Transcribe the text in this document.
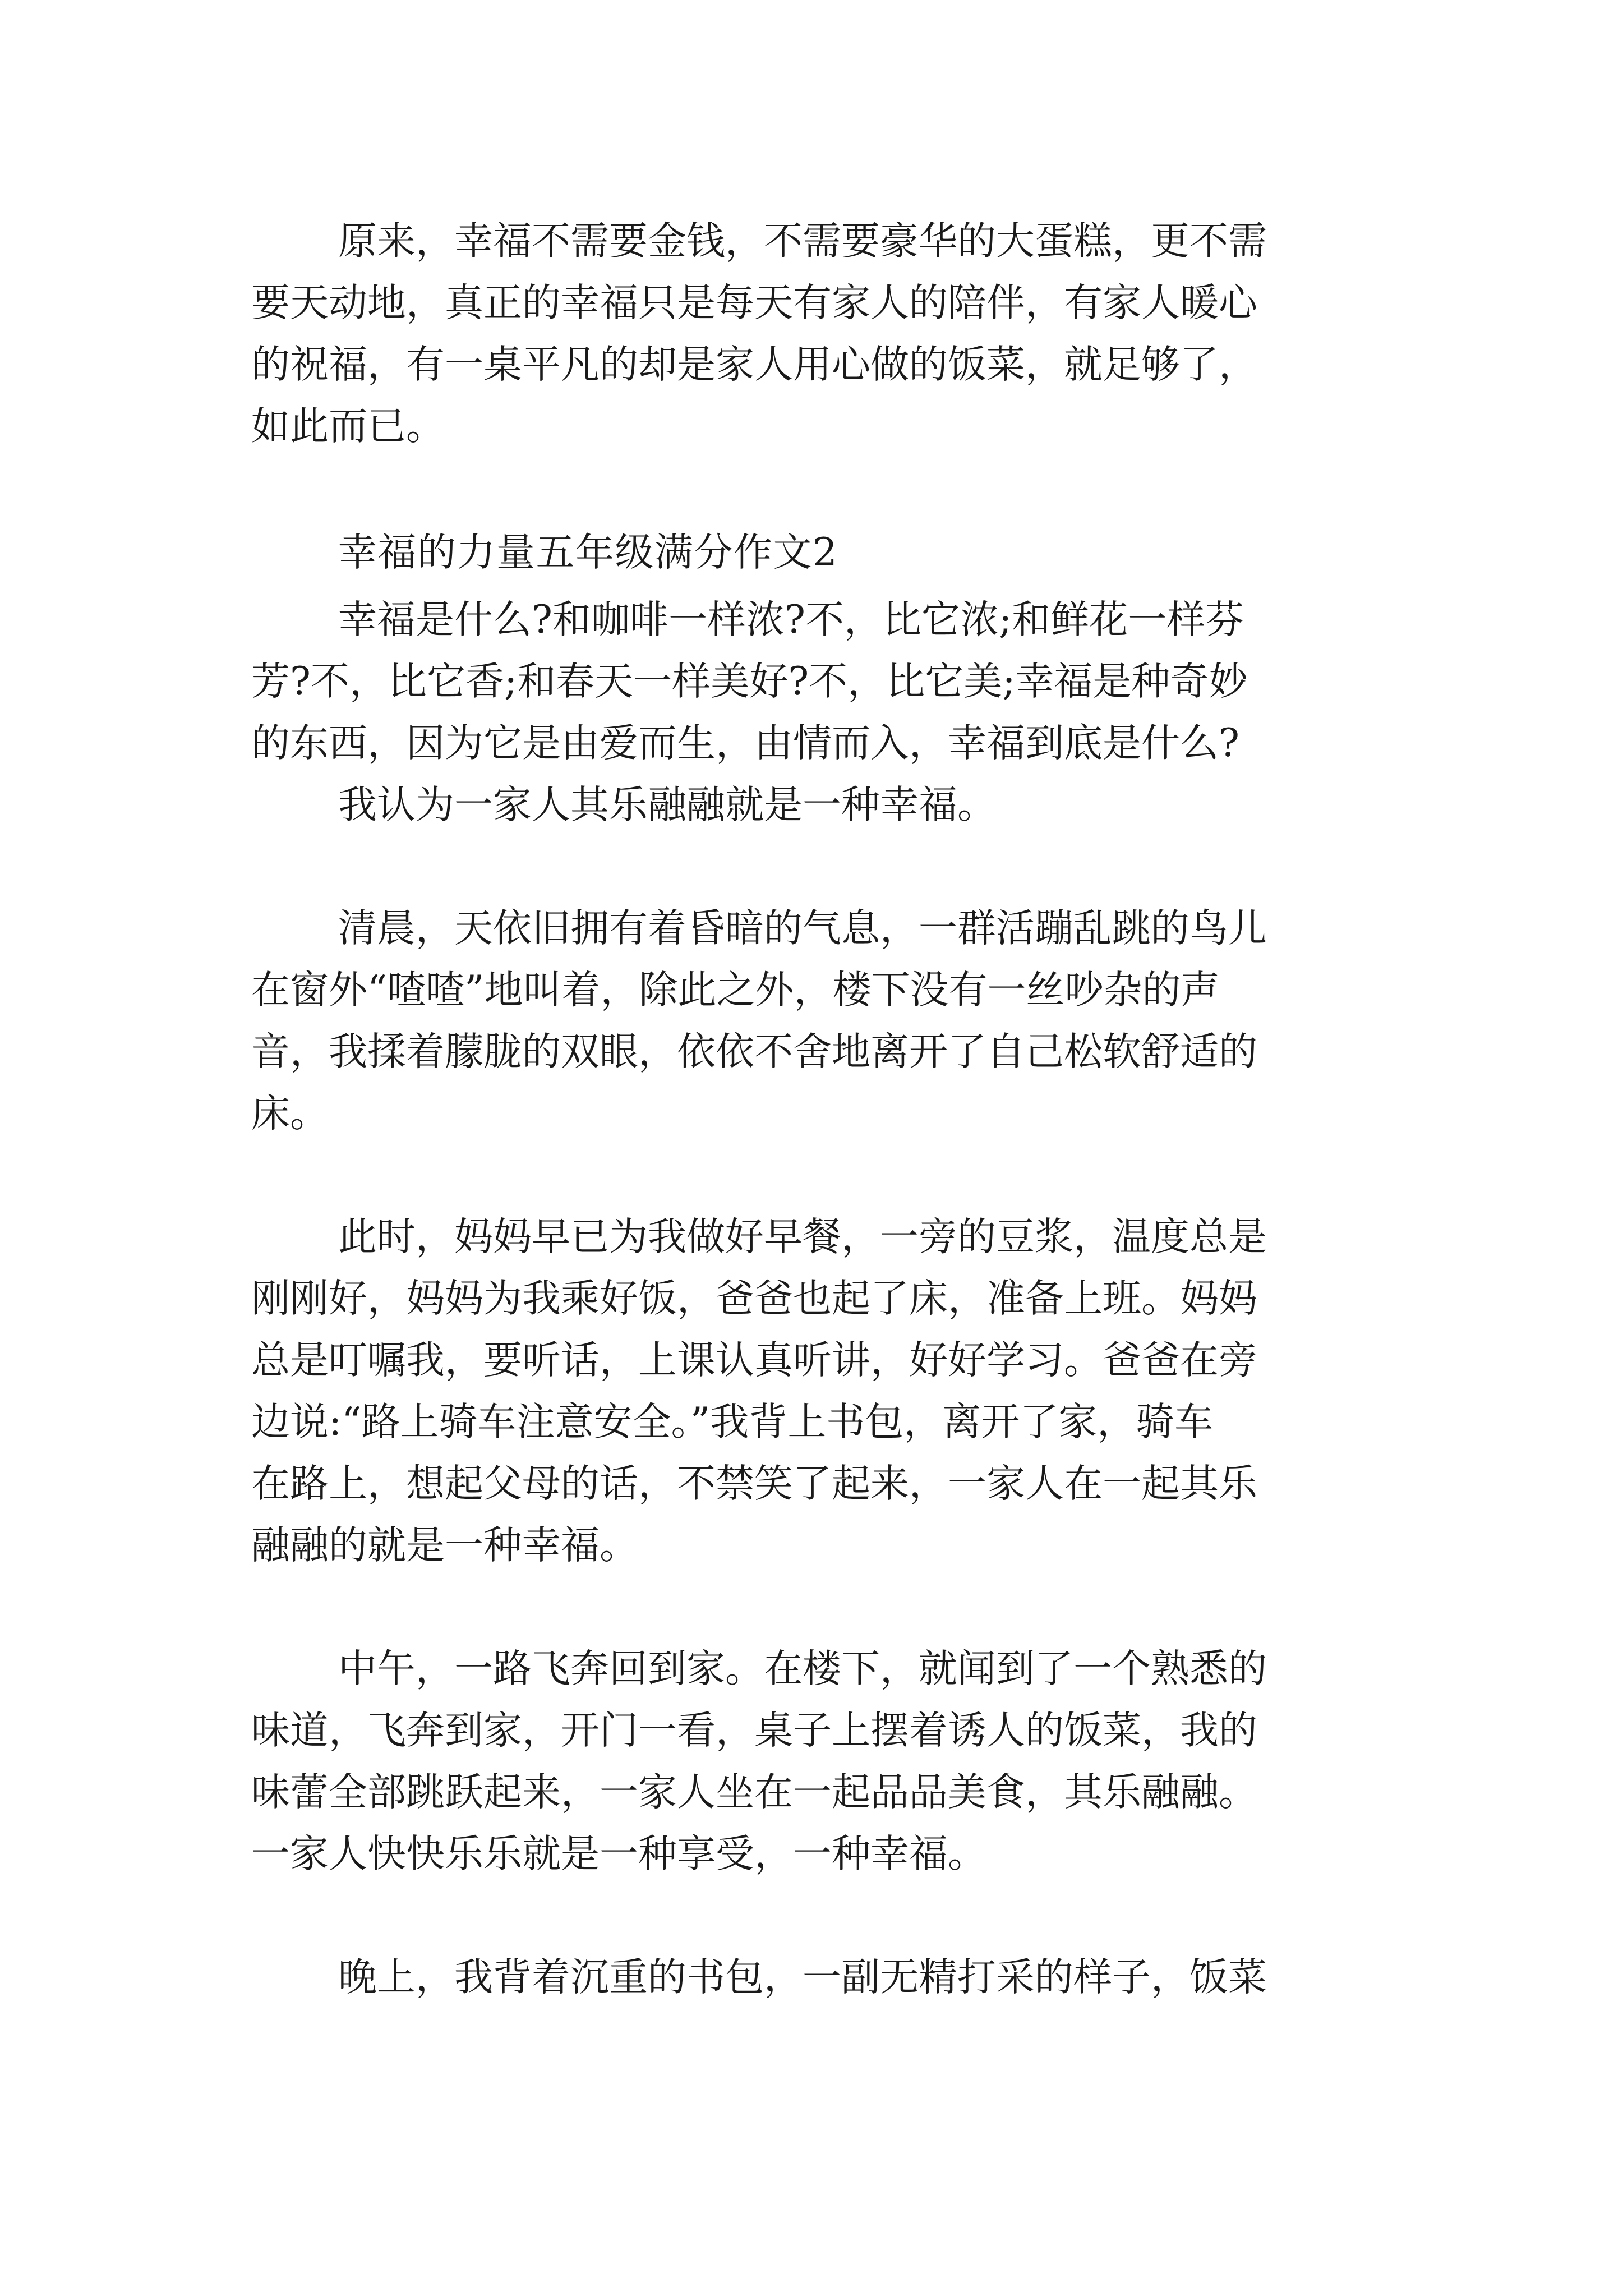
原来，幸福不需要金钱，不需要豪华的大蛋糕，更不需

要天动地，真正的幸福只是每天有家人的陪伴，有家人暖心

的祝福，有一桌平凡的却是家人用心做的饭菜，就足够了，

如此而已。

幸福的力量五年级满分作文2

幸福是什么?和咖啡一样浓?不，比它浓;和鲜花一样芬

芳?不，比它香;和春天一样美好?不，比它美;幸福是种奇妙

的东西，因为它是由爱而生，由情而入，幸福到底是什么?

我认为一家人其乐融融就是一种幸福。

清晨，天依旧拥有着昏暗的气息，一群活蹦乱跳的鸟儿

在窗外“喳喳”地叫着，除此之外，楼下没有一丝吵杂的声

音，我揉着朦胧的双眼，依依不舍地离开了自己松软舒适的

床。

此时，妈妈早已为我做好早餐，一旁的豆浆，温度总是

刚刚好，妈妈为我乘好饭，爸爸也起了床，准备上班。妈妈

总是叮嘱我，要听话，上课认真听讲，好好学习。爸爸在旁

边说:“路上骑车注意安全。”我背上书包，离开了家，骑车

在路上，想起父母的话，不禁笑了起来，一家人在一起其乐

融融的就是一种幸福。

中午，一路飞奔回到家。在楼下，就闻到了一个熟悉的

味道，飞奔到家，开门一看，桌子上摆着诱人的饭菜，我的

味蕾全部跳跃起来，一家人坐在一起品品美食，其乐融融。

一家人快快乐乐就是一种享受，一种幸福。

晚上，我背着沉重的书包，一副无精打采的样子，饭菜
